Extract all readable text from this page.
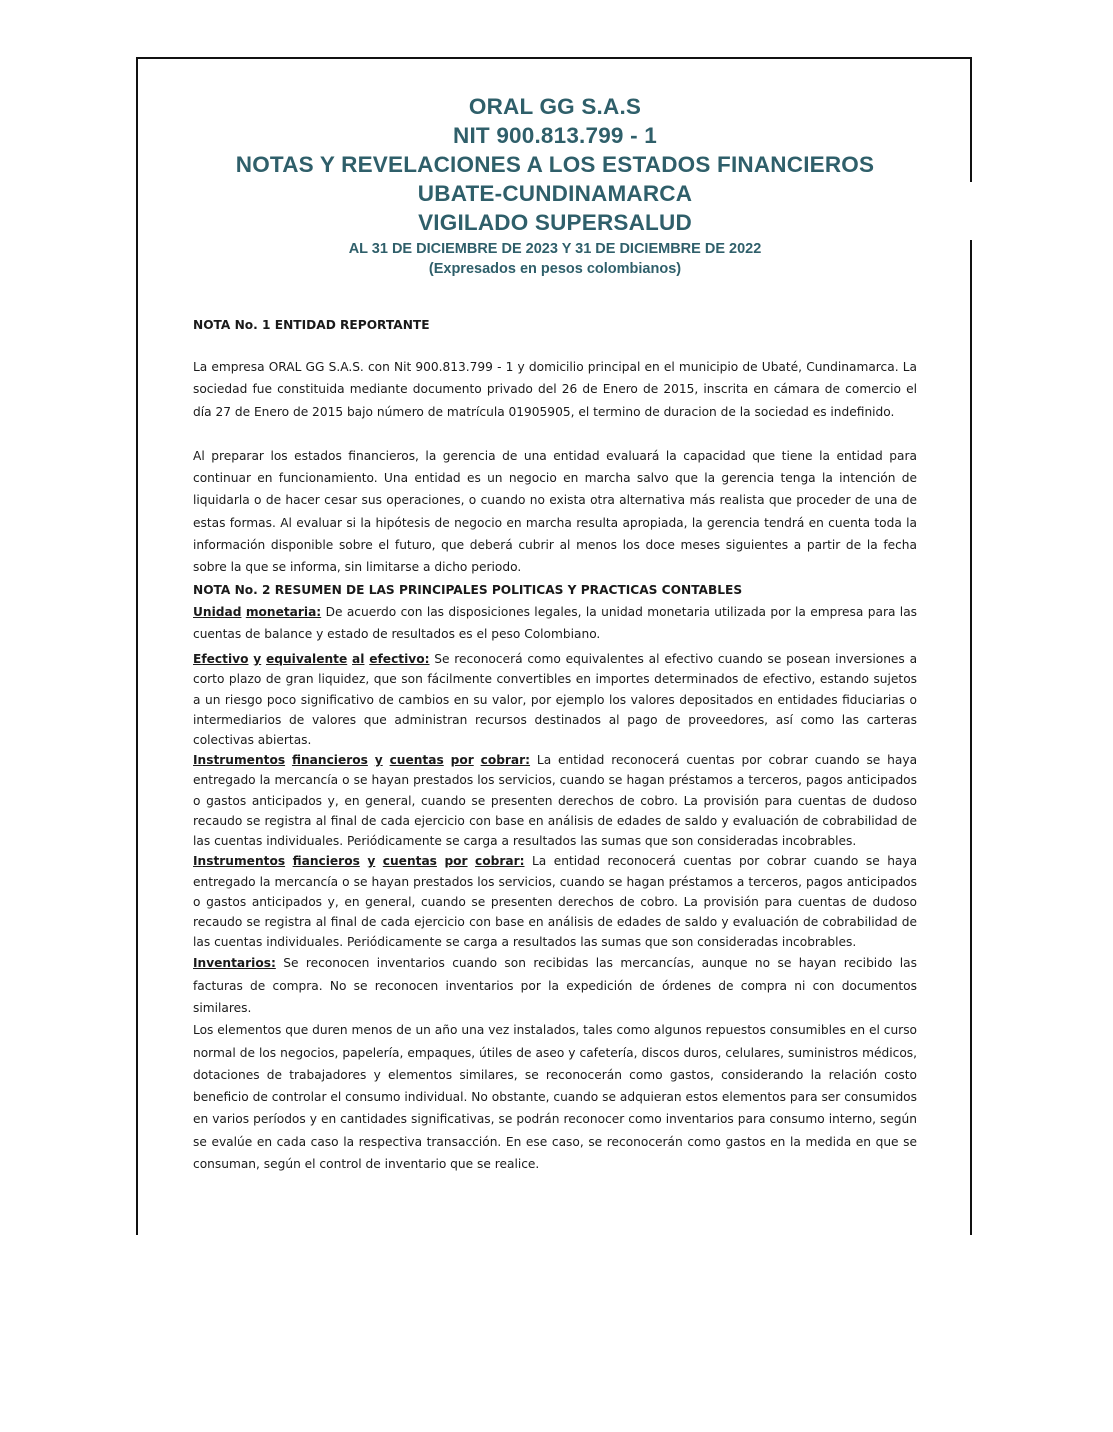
ORAL GG S.A.S
NIT 900.813.799 - 1
NOTAS Y REVELACIONES A LOS ESTADOS FINANCIEROS
UBATE-CUNDINAMARCA
VIGILADO SUPERSALUD
AL 31 DE DICIEMBRE DE 2023 Y 31 DE DICIEMBRE DE 2022
(Expresados en pesos colombianos)

NOTA No. 1 ENTIDAD REPORTANTE

La empresa ORAL GG S.A.S. con Nit 900.813.799 - 1 y domicilio principal en el municipio de Ubaté, Cundinamarca. La sociedad fue constituida mediante documento privado del 26 de Enero de 2015, inscrita en cámara de comercio el día 27 de Enero de 2015 bajo número de matrícula 01905905, el termino de duracion de la sociedad es indefinido.

Al preparar los estados financieros, la gerencia de una entidad evaluará la capacidad que tiene la entidad para continuar en funcionamiento. Una entidad es un negocio en marcha salvo que la gerencia tenga la intención de liquidarla o de hacer cesar sus operaciones, o cuando no exista otra alternativa más realista que proceder de una de estas formas. Al evaluar si la hipótesis de negocio en marcha resulta apropiada, la gerencia tendrá en cuenta toda la información disponible sobre el futuro, que deberá cubrir al menos los doce meses siguientes a partir de la fecha sobre la que se informa, sin limitarse a dicho periodo.

NOTA No. 2 RESUMEN DE LAS PRINCIPALES POLITICAS Y PRACTICAS CONTABLES

Unidad monetaria: De acuerdo con las disposiciones legales, la unidad monetaria utilizada por la empresa para las cuentas de balance y estado de resultados es el peso Colombiano.

Efectivo y equivalente al efectivo: Se reconocerá como equivalentes al efectivo cuando se posean inversiones a corto plazo de gran liquidez, que son fácilmente convertibles en importes determinados de efectivo, estando sujetos a un riesgo poco significativo de cambios en su valor, por ejemplo los valores depositados en entidades fiduciarias o intermediarios de valores que administran recursos destinados al pago de proveedores, así como las carteras colectivas abiertas.

Instrumentos financieros y cuentas por cobrar: La entidad reconocerá cuentas por cobrar cuando se haya entregado la mercancía o se hayan prestados los servicios, cuando se hagan préstamos a terceros, pagos anticipados o gastos anticipados y, en general, cuando se presenten derechos de cobro. La provisión para cuentas de dudoso recaudo se registra al final de cada ejercicio con base en análisis de edades de saldo y evaluación de cobrabilidad de las cuentas individuales. Periódicamente se carga a resultados las sumas que son consideradas incobrables.

Instrumentos fiancieros y cuentas por cobrar: La entidad reconocerá cuentas por cobrar cuando se haya entregado la mercancía o se hayan prestados los servicios, cuando se hagan préstamos a terceros, pagos anticipados o gastos anticipados y, en general, cuando se presenten derechos de cobro. La provisión para cuentas de dudoso recaudo se registra al final de cada ejercicio con base en análisis de edades de saldo y evaluación de cobrabilidad de las cuentas individuales. Periódicamente se carga a resultados las sumas que son consideradas incobrables.

Inventarios: Se reconocen inventarios cuando son recibidas las mercancías, aunque no se hayan recibido las facturas de compra. No se reconocen inventarios por la expedición de órdenes de compra ni con documentos similares.

Los elementos que duren menos de un año una vez instalados, tales como algunos repuestos consumibles en el curso normal de los negocios, papelería, empaques, útiles de aseo y cafetería, discos duros, celulares, suministros médicos, dotaciones de trabajadores y elementos similares, se reconocerán como gastos, considerando la relación costo beneficio de controlar el consumo individual. No obstante, cuando se adquieran estos elementos para ser consumidos en varios períodos y en cantidades significativas, se podrán reconocer como inventarios para consumo interno, según se evalúe en cada caso la respectiva transacción. En ese caso, se reconocerán como gastos en la medida en que se consuman, según el control de inventario que se realice.
